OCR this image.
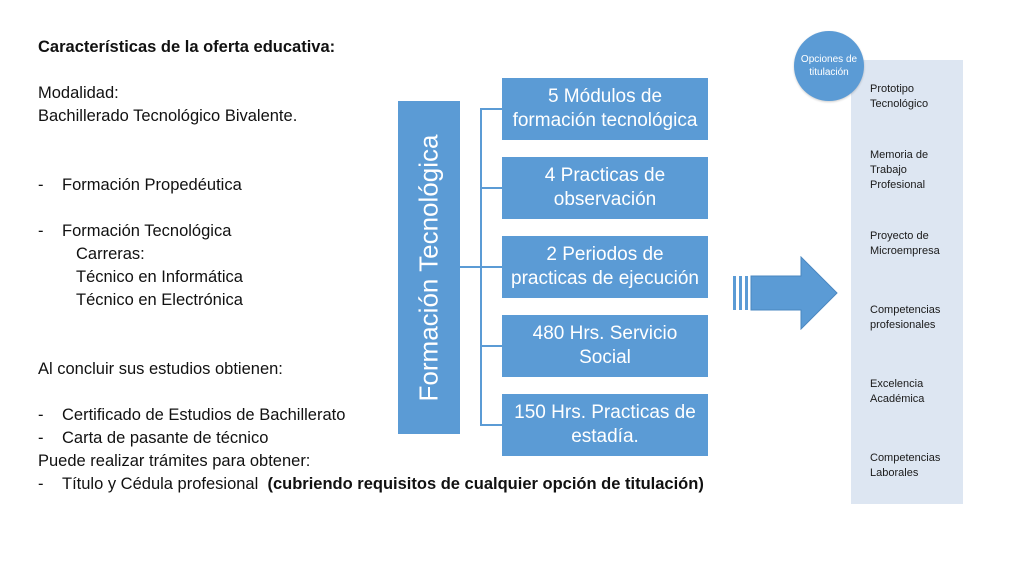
Características de la oferta educativa:
Modalidad:
Bachillerado Tecnológico Bivalente.
- Formación Propedéutica
- Formación Tecnológica
Carreras:
Técnico en Informática
Técnico en Electrónica
Al concluir sus estudios obtienen:
- Certificado de Estudios de Bachillerato
- Carta de pasante de técnico
Puede realizar trámites para obtener:
- Título y Cédula profesional (cubriendo requisitos de cualquier opción de titulación)
Formación Tecnológica
5 Módulos de formación tecnológica
4 Practicas de observación
2 Periodos de practicas de ejecución
480 Hrs. Servicio Social
150 Hrs. Practicas de estadía.
Prototipo Tecnológico
Memoria de Trabajo Profesional
Proyecto de Microempresa
Competencias profesionales
Excelencia Académica
Competencias Laborales
Opciones de titulación
